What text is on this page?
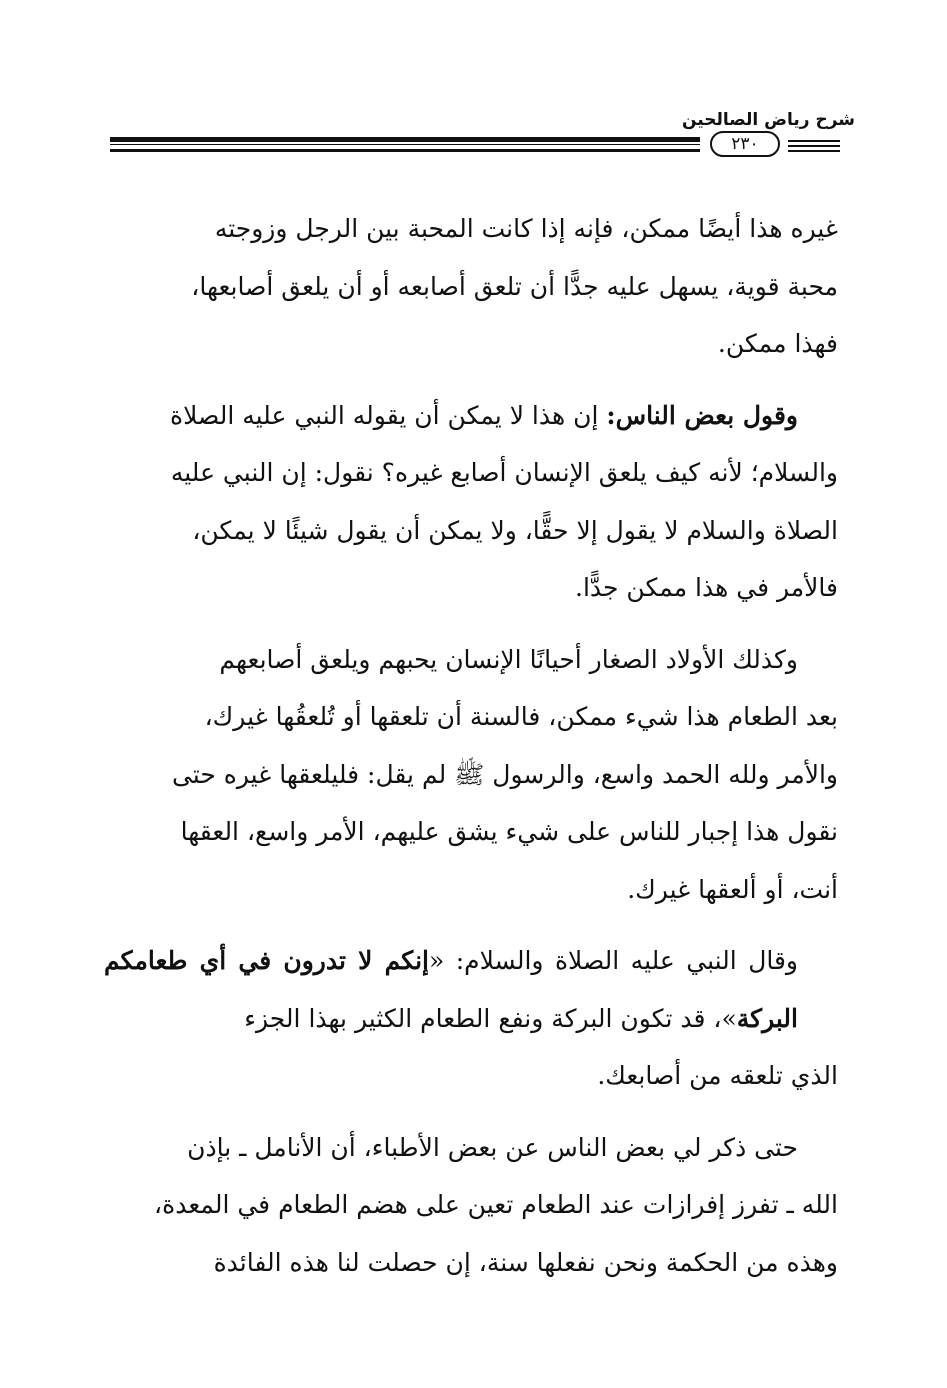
شرح رياض الصالحين
٢٣٠

غيره هذا أيضًا ممكن، فإنه إذا كانت المحبة بين الرجل وزوجته
محبة قوية، يسهل عليه جدًّا أن تلعق أصابعه أو أن يلعق أصابعها،
فهذا ممكن.

وقول بعض الناس: إن هذا لا يمكن أن يقوله النبي عليه الصلاة

والسلام؛ لأنه كيف يلعق الإنسان أصابع غيره؟ نقول: إن النبي عليه
الصلاة والسلام لا يقول إلا حقًّا، ولا يمكن أن يقول شيئًا لا يمكن،
فالأمر في هذا ممكن جدًّا.

وكذلك الأولاد الصغار أحيانًا الإنسان يحبهم ويلعق أصابعهم

بعد الطعام هذا شيء ممكن، فالسنة أن تلعقها أو تُلعقُها غيرك،
والأمر ولله الحمد واسع، والرسول ﷺ لم يقل: فليلعقها غيره حتى
نقول هذا إجبار للناس على شيء يشق عليهم، الأمر واسع، العقها
أنت، أو ألعقها غيرك.

وقال النبي عليه الصلاة والسلام: «إنكم لا تدرون في أي طعامكم البركة»، قد تكون البركة ونفع الطعام الكثير بهذا الجزء

الذي تلعقه من أصابعك.

حتى ذكر لي بعض الناس عن بعض الأطباء، أن الأنامل ـ بإذن

الله ـ تفرز إفرازات عند الطعام تعين على هضم الطعام في المعدة،
وهذه من الحكمة ونحن نفعلها سنة، إن حصلت لنا هذه الفائدة
